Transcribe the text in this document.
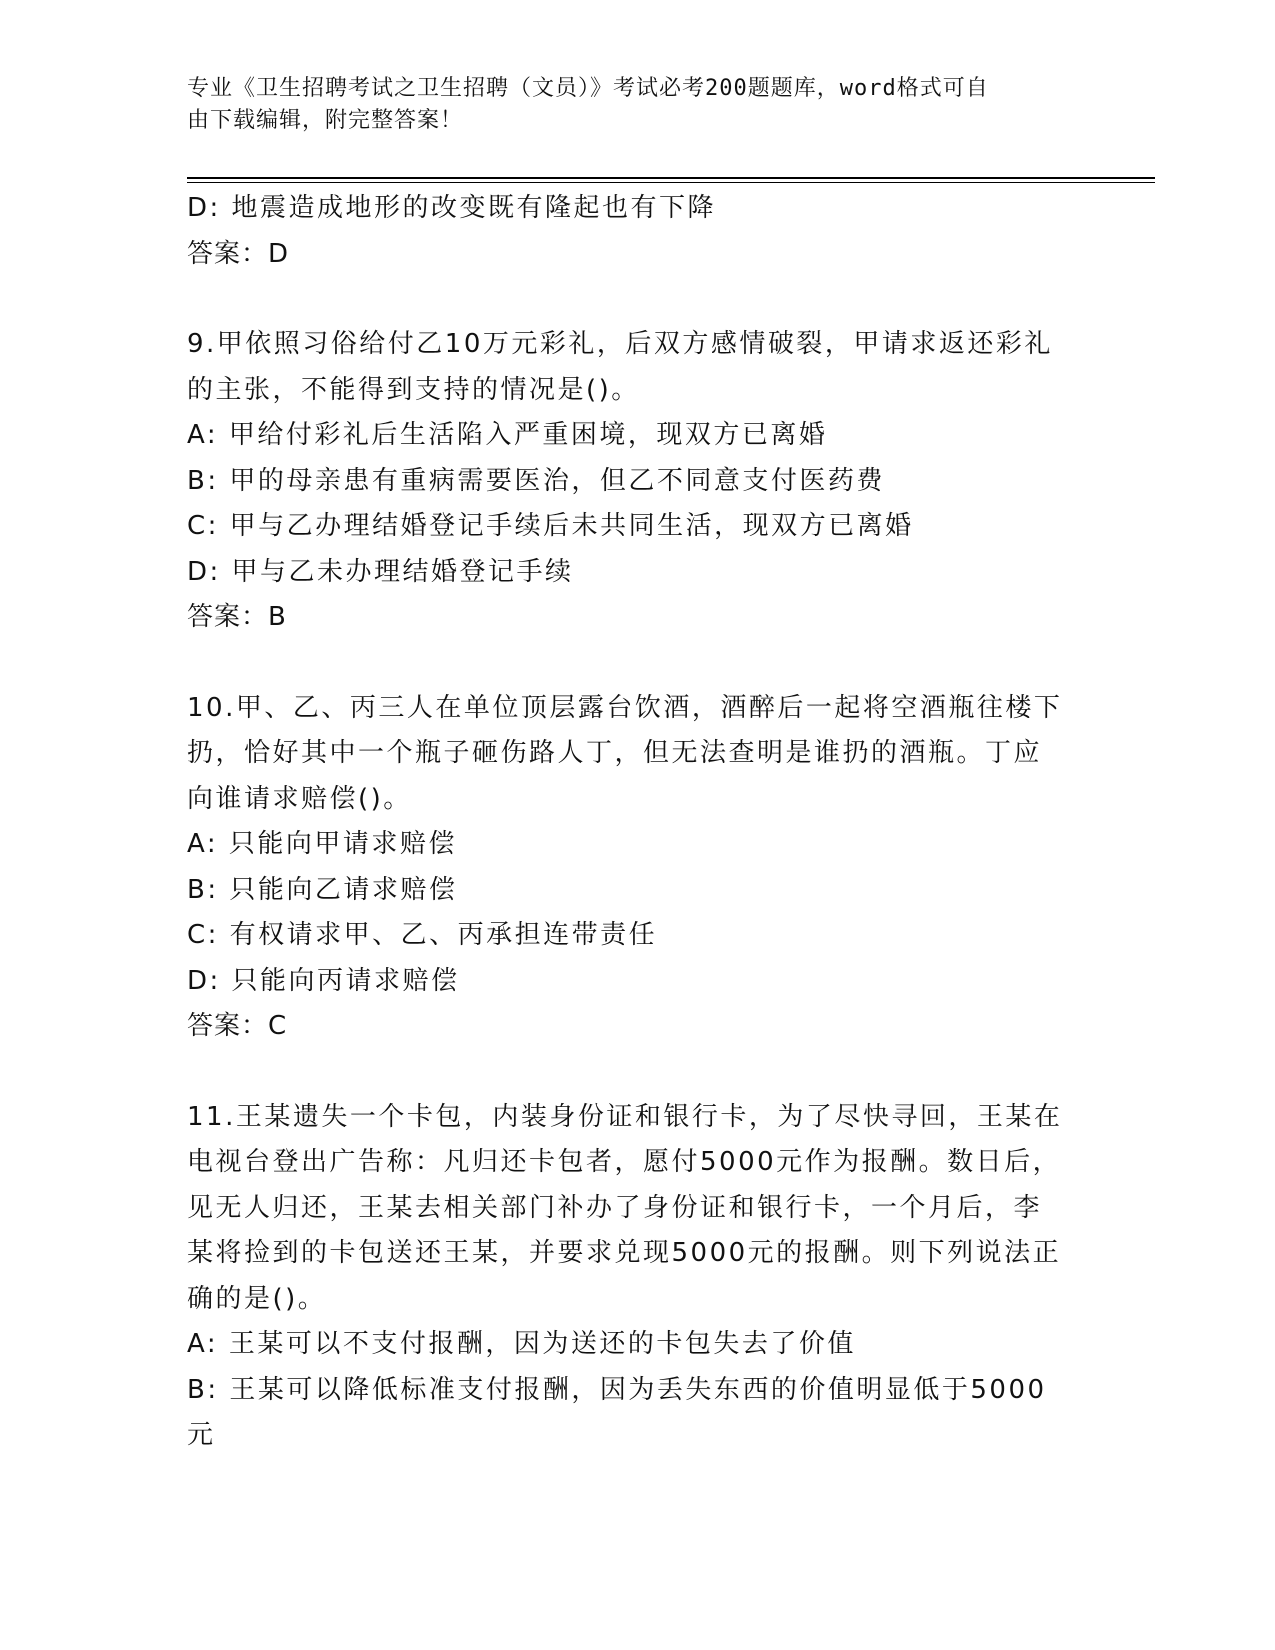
专业《卫生招聘考试之卫生招聘（文员）》考试必考200题题库，word格式可自
由下载编辑，附完整答案！
D: 地震造成地形的改变既有隆起也有下降
答案：D
9.甲依照习俗给付乙10万元彩礼，后双方感情破裂，甲请求返还彩礼
的主张，不能得到支持的情况是()。
A: 甲给付彩礼后生活陷入严重困境，现双方已离婚
B: 甲的母亲患有重病需要医治，但乙不同意支付医药费
C: 甲与乙办理结婚登记手续后未共同生活，现双方已离婚
D: 甲与乙未办理结婚登记手续
答案：B
10.甲、乙、丙三人在单位顶层露台饮酒，酒醉后一起将空酒瓶往楼下
扔，恰好其中一个瓶子砸伤路人丁，但无法查明是谁扔的酒瓶。丁应
向谁请求赔偿()。
A: 只能向甲请求赔偿
B: 只能向乙请求赔偿
C: 有权请求甲、乙、丙承担连带责任
D: 只能向丙请求赔偿
答案：C
11.王某遗失一个卡包，内装身份证和银行卡，为了尽快寻回，王某在
电视台登出广告称：凡归还卡包者，愿付5000元作为报酬。数日后，
见无人归还，王某去相关部门补办了身份证和银行卡，一个月后，李
某将捡到的卡包送还王某，并要求兑现5000元的报酬。则下列说法正
确的是()。
A: 王某可以不支付报酬，因为送还的卡包失去了价值
B: 王某可以降低标准支付报酬，因为丢失东西的价值明显低于5000
元
